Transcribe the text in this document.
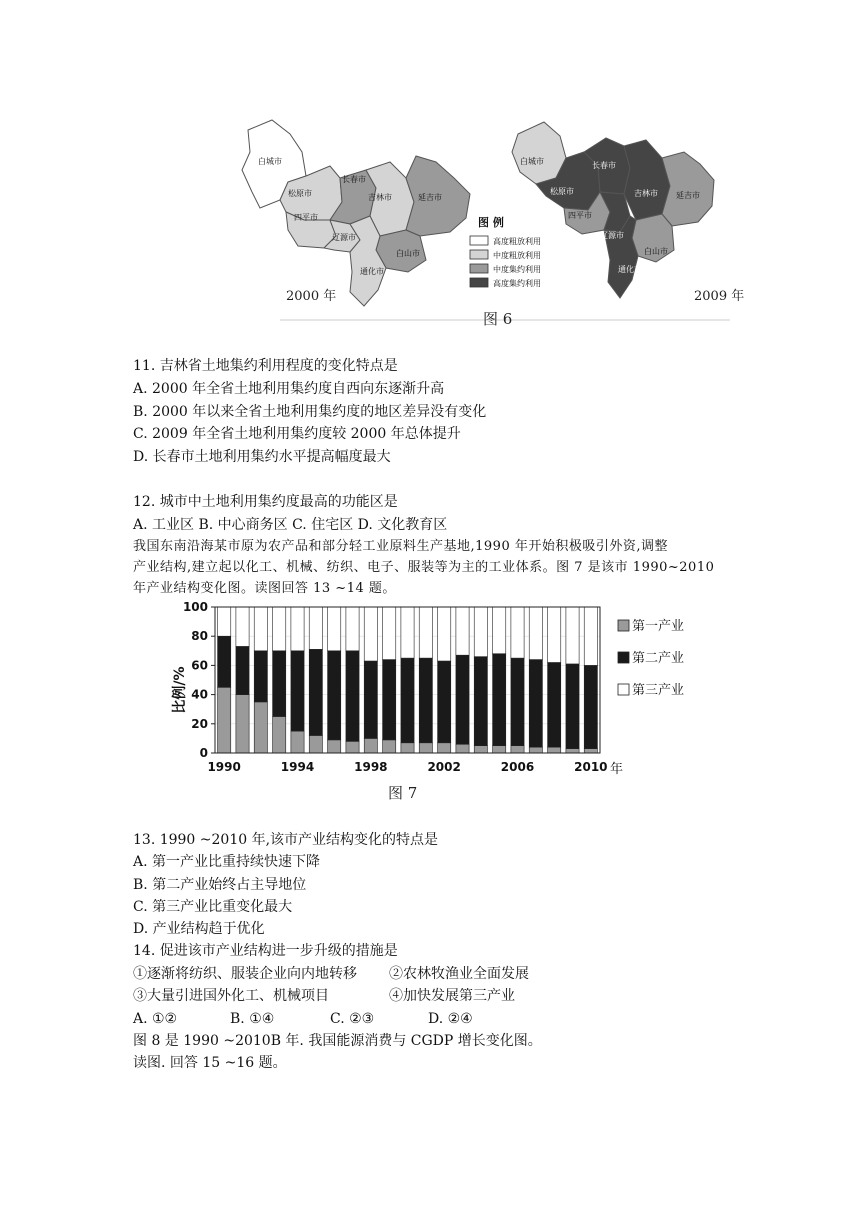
白城市
松原市
长春市
吉林市	延吉市
四平市
辽源市
白山市
通化市
2000 年
图 例
高度粗放利用
中度粗放利用
中度集约利用
高度集约利用
白城市
松原市
长春市
吉林市 延吉市
四平市
辽源市
白山市
通化市
2009 年
图 6
11. 吉林省土地集约利用程度的变化特点是
A. 2000 年全省土地利用集约度自西向东逐渐升高
B. 2000 年以来全省土地利用集约度的地区差异没有变化
C. 2009 年全省土地利用集约度较 2000 年总体提升
D. 长春市土地利用集约水平提高幅度最大
12. 城市中土地利用集约度最高的功能区是
A. 工业区 B. 中心商务区 C. 住宅区 D. 文化教育区
我国东南沿海某市原为农产品和部分轻工业原料生产基地,1990 年开始积极吸引外资,调整
产业结构,建立起以化工、机械、纺织、电子、服装等为主的工业体系。图 7 是该市 1990~2010
年产业结构变化图。读图回答 13 ~14 题。
0
20
40
60
80
100
1990	1994	1998	2002	2006	2010
比例/%
年
第一产业
第二产业
第三产业
图 7
13. 1990 ~2010 年,该市产业结构变化的特点是
A. 第一产业比重持续快速下降
B. 第二产业始终占主导地位
C. 第三产业比重变化最大
D. 产业结构趋于优化
14. 促进该市产业结构进一步升级的措施是
①逐渐将纺织、服装企业向内地转移 ②农林牧渔业全面发展
③大量引进国外化工、机械项目	④加快发展第三产业
A. ①②	B. ①④	C. ②③	D. ②④
图 8 是 1990 ~2010B 年. 我国能源消费与 CGDP 增长变化图。
读图. 回答 15 ~16 题。
